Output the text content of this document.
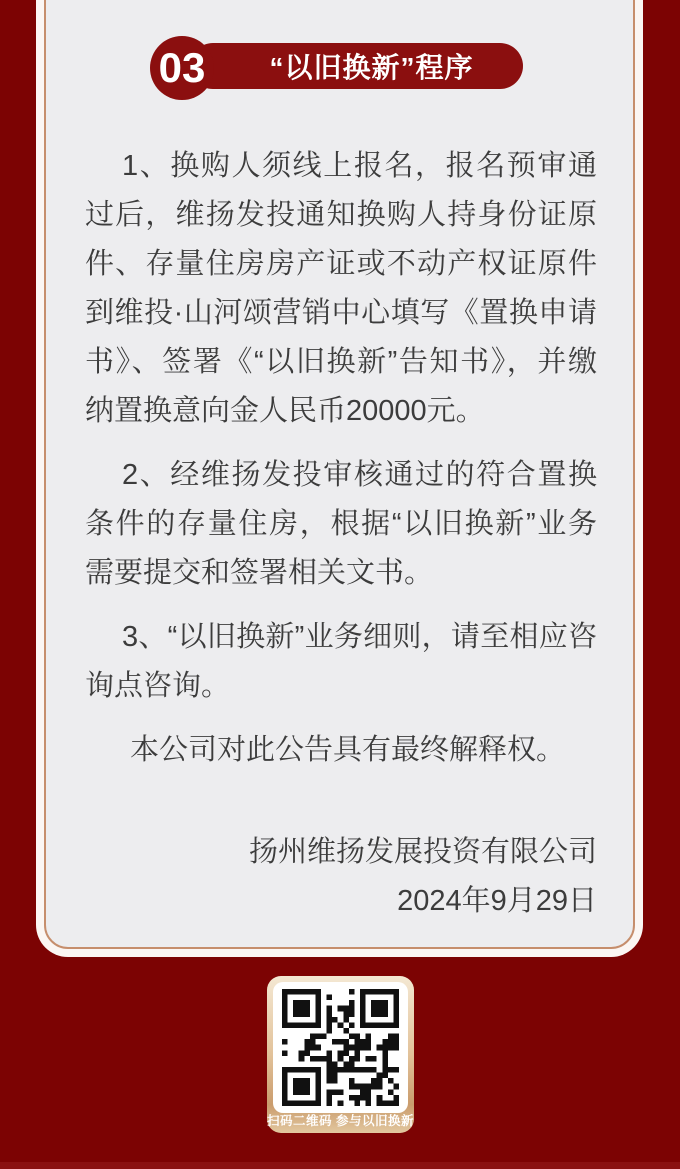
“以旧换新”程序
03

1、换购人须线上报名，报名预审通过后，维扬发投通知换购人持身份证原件、存量住房房产证或不动产权证原件到维投·山河颂营销中心填写《置换申请书》、签署《“以旧换新”告知书》，并缴纳置换意向金人民币20000元。

2、经维扬发投审核通过的符合置换条件的存量住房，根据“以旧换新”业务需要提交和签署相关文书。

3、“以旧换新”业务细则，请至相应咨询点咨询。

本公司对此公告具有最终解释权。

扬州维扬发展投资有限公司
2024年9月29日
扫码二维码 参与以旧换新
